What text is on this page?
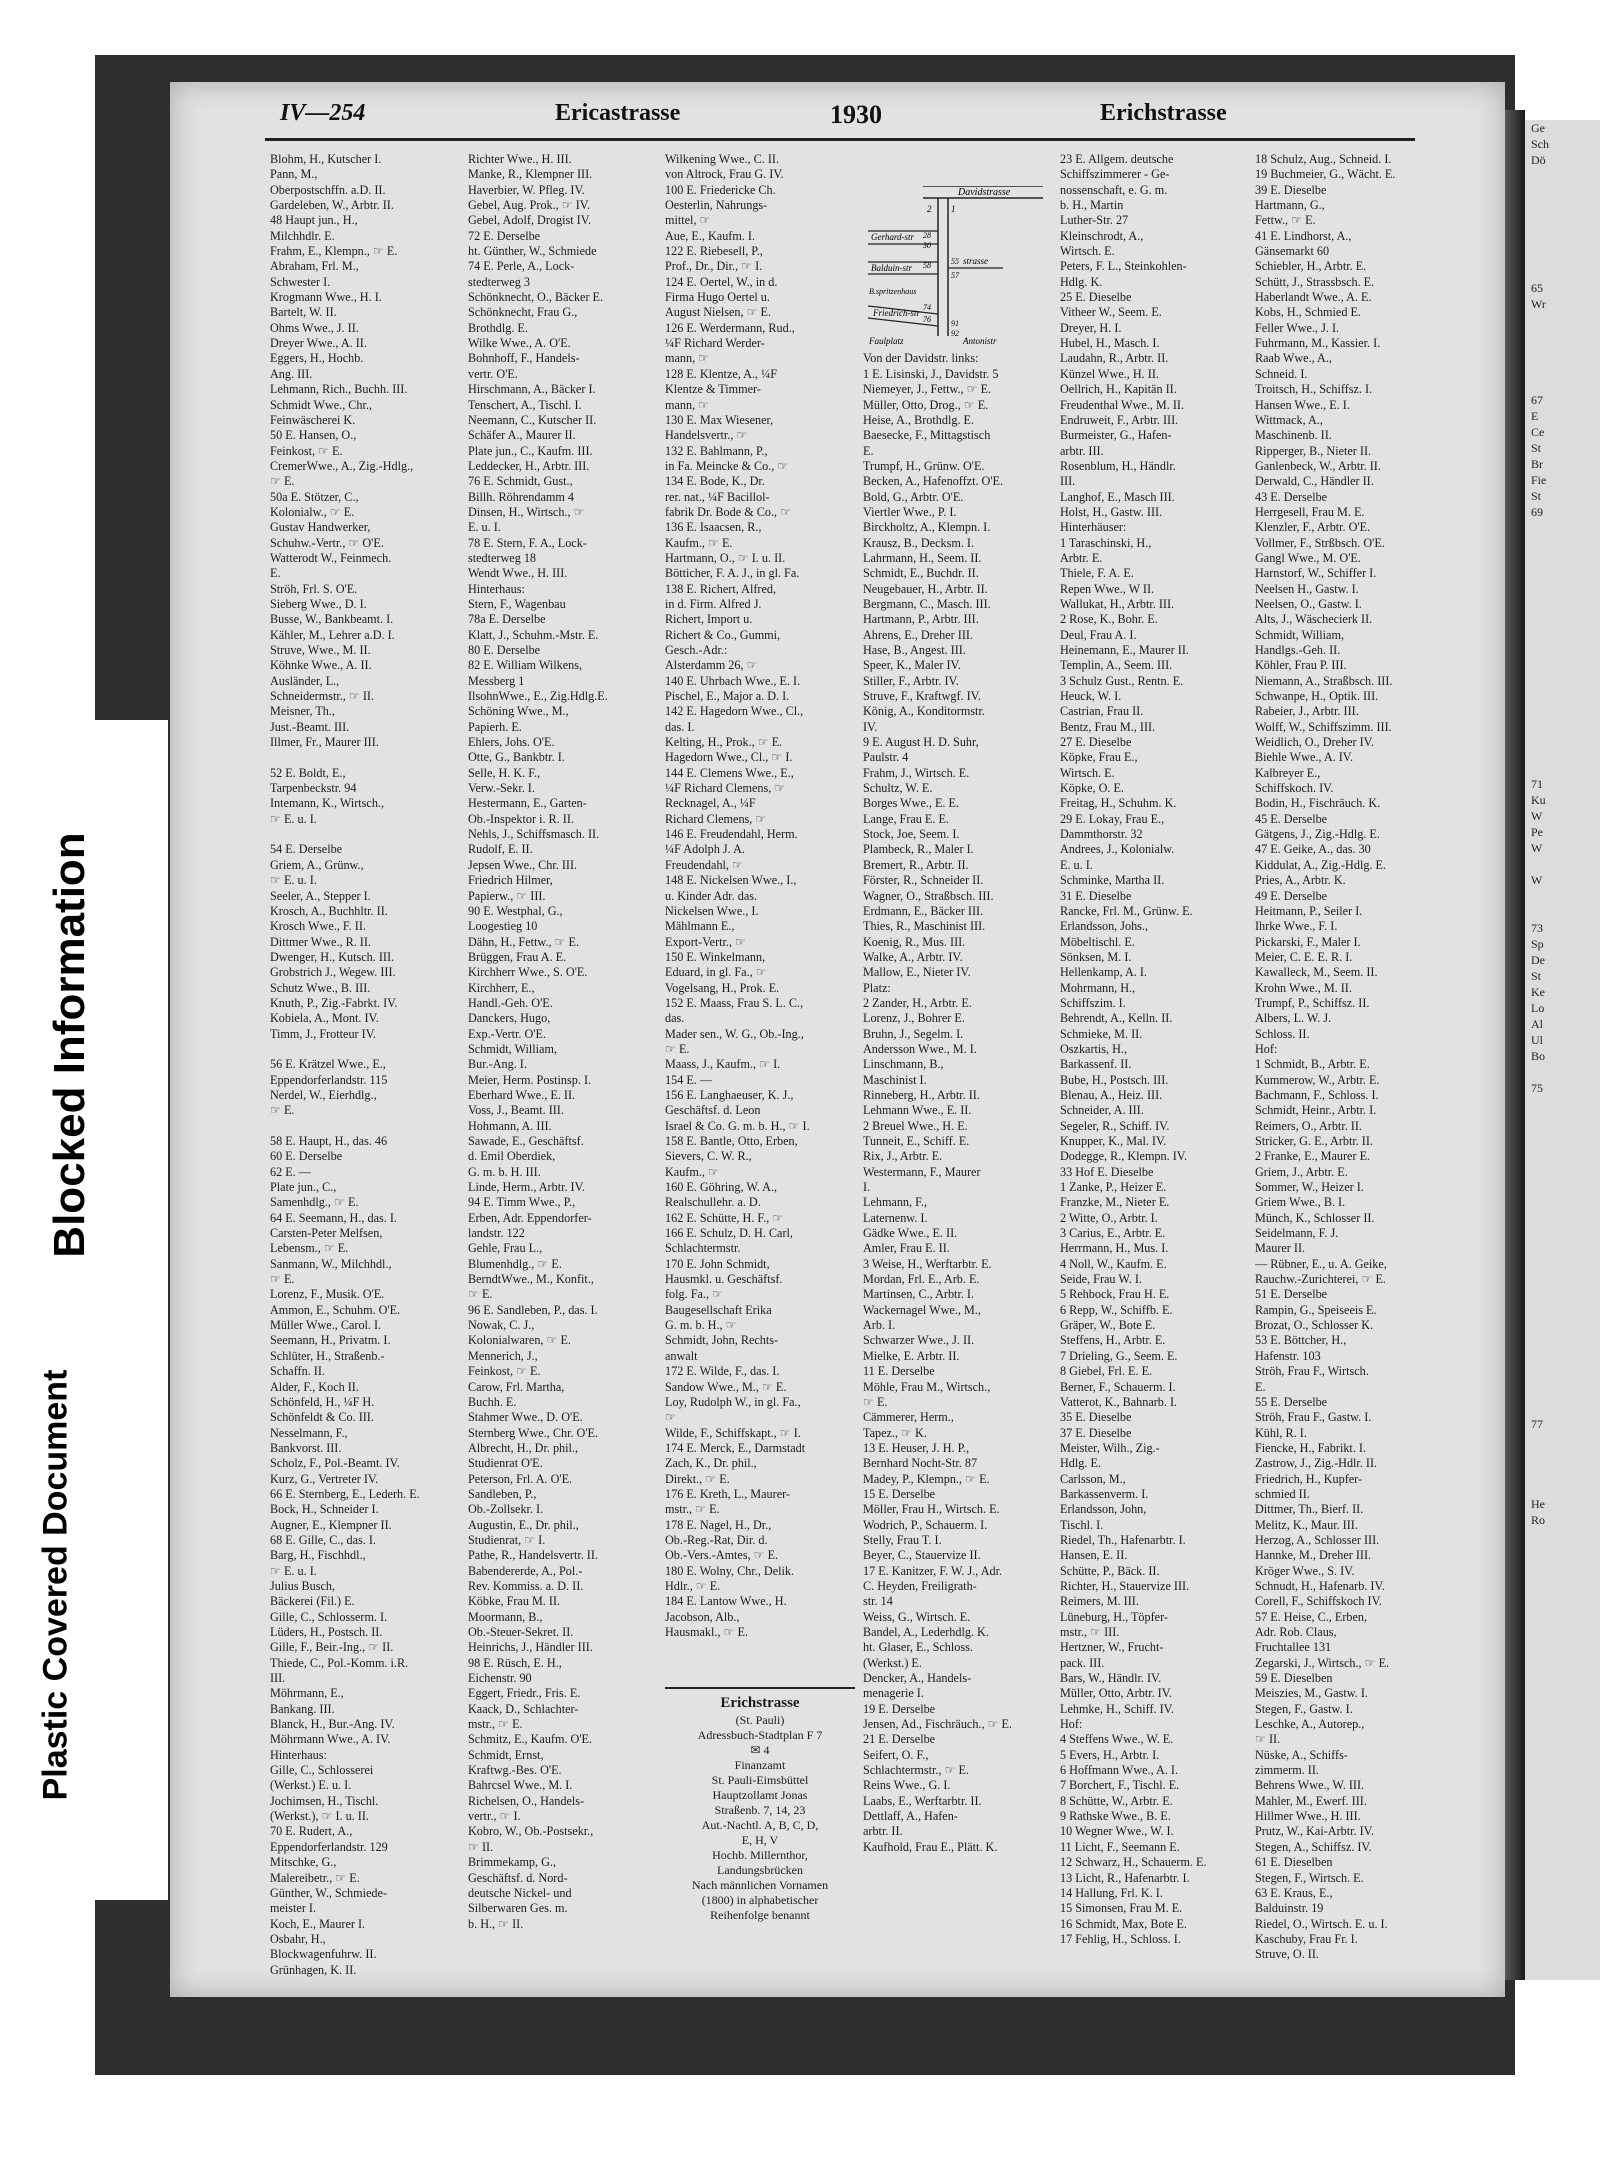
Ge
Sch
Dö

65
Wr

67
E
Ce
St
Br
Fie
St
69

71
Ku
W
Pe
W

W

73
Sp
De
St
Ke
Lo
Al
Ul
Bo

75

77

He
Ro
IV—254	Ericastrasse	1930	Erichstrasse
Blohm, H., Kutscher I.
Pann, M.,
Oberpostschffn. a.D. II.
Gardeleben, W., Arbtr. II.
48 Haupt jun., H.,
Milchhdlr. E.
Frahm, E., Klempn., ☞ E.
Abraham, Frl. M.,
Schwester I.
Krogmann Wwe., H. I.
Bartelt, W. II.
Ohms Wwe., J. II.
Dreyer Wwe., A. II.
Eggers, H., Hochb.
Ang. III.
Lehmann, Rich., Buchh. III.
Schmidt Wwe., Chr.,
Feinwäscherei K.
50 E. Hansen, O.,
Feinkost, ☞ E.
CremerWwe., A., Zig.-Hdlg.,
☞ E.
50a E. Stötzer, C.,
Kolonialw., ☞ E.
Gustav Handwerker,
Schuhw.-Vertr., ☞ O'E.
Watterodt W., Feinmech.
E.
Ströh, Frl. S. O'E.
Sieberg Wwe., D. I.
Busse, W., Bankbeamt. I.
Kähler, M., Lehrer a.D. I.
Struve, Wwe., M. II.
Köhnke Wwe., A. II.
Ausländer, L.,
Schneidermstr., ☞ II.
Meisner, Th.,
Just.-Beamt. III.
Illmer, Fr., Maurer III.

52 E. Boldt, E.,
Tarpenbeckstr. 94
Intemann, K., Wirtsch.,
☞ E. u. I.

54 E. Derselbe
Griem, A., Grünw.,
☞ E. u. I.
Seeler, A., Stepper I.
Krosch, A., Buchhltr. II.
Krosch Wwe., F. II.
Dittmer Wwe., R. II.
Dwenger, H., Kutsch. III.
Grobstrich J., Wegew. III.
Schutz Wwe., B. III.
Knuth, P., Zig.-Fabrkt. IV.
Kobiela, A., Mont. IV.
Timm, J., Frotteur IV.

56 E. Krätzel Wwe., E.,
Eppendorferlandstr. 115
Nerdel, W., Eierhdlg.,
☞ E.

58 E. Haupt, H., das. 46
60 E. Derselbe
62 E. —
Plate jun., C.,
Samenhdlg., ☞ E.
64 E. Seemann, H., das. I.
Carsten-Peter Melfsen,
Lebensm., ☞ E.
Sanmann, W., Milchhdl.,
☞ E.
Lorenz, F., Musik. O'E.
Ammon, E., Schuhm. O'E.
Müller Wwe., Carol. I.
Seemann, H., Privatm. I.
Schlüter, H., Straßenb.-
Schaffn. II.
Alder, F., Koch II.
Schönfeld, H., ¼F H.
Schönfeldt & Co. III.
Nesselmann, F.,
Bankvorst. III.
Scholz, F., Pol.-Beamt. IV.
Kurz, G., Vertreter IV.
66 E. Sternberg, E., Lederh. E.
Bock, H., Schneider I.
Augner, E., Klempner II.
68 E. Gille, C., das. I.
Barg, H., Fischhdl.,
☞ E. u. I.
Julius Busch,
Bäckerei (Fil.) E.
Gille, C., Schlosserm. I.
Lüders, H., Postsch. II.
Gille, F., Beir.-Ing., ☞ II.
Thiede, C., Pol.-Komm. i.R.
III.
Möhrmann, E.,
Bankang. III.
Blanck, H., Bur.-Ang. IV.
Möhrmann Wwe., A. IV.
Hinterhaus:
Gille, C., Schlosserei
(Werkst.) E. u. I.
Jochimsen, H., Tischl.
(Werkst.), ☞ I. u. II.
70 E. Rudert, A.,
Eppendorferlandstr. 129
Mitschke, G.,
Malereibetr., ☞ E.
Günther, W., Schmiede-
meister I.
Koch, E., Maurer I.
Osbahr, H.,
Blockwagenfuhrw. II.
Grünhagen, K. II.
Richter Wwe., H. III.
Manke, R., Klempner III.
Haverbier, W. Pfleg. IV.
Gebel, Aug. Prok., ☞ IV.
Gebel, Adolf, Drogist IV.
72 E. Derselbe
ht. Günther, W., Schmiede
74 E. Perle, A., Lock-
stedterweg 3
Schönknecht, O., Bäcker E.
Schönknecht, Frau G.,
Brothdlg. E.
Wilke Wwe., A. O'E.
Bohnhoff, F., Handels-
vertr. O'E.
Hirschmann, A., Bäcker I.
Tenschert, A., Tischl. I.
Neemann, C., Kutscher II.
Schäfer A., Maurer II.
Plate jun., C., Kaufm. III.
Leddecker, H., Arbtr. III.
76 E. Schmidt, Gust.,
Billh. Röhrendamm 4
Dinsen, H., Wirtsch., ☞
E. u. I.
78 E. Stern, F. A., Lock-
stedterweg 18
Wendt Wwe., H. III.
Hinterhaus:
Stern, F., Wagenbau
78a E. Derselbe
Klatt, J., Schuhm.-Mstr. E.
80 E. Derselbe
82 E. William Wilkens,
Messberg 1
IlsohnWwe., E., Zig.Hdlg.E.
Schöning Wwe., M.,
Papierh. E.
Ehlers, Johs. O'E.
Otte, G., Bankbtr. I.
Selle, H. K. F.,
Verw.-Sekr. I.
Hestermann, E., Garten-
Ob.-Inspektor i. R. II.
Nehls, J., Schiffsmasch. II.
Rudolf, E. II.
Jepsen Wwe., Chr. III.
Friedrich Hilmer,
Papierw., ☞ III.
90 E. Westphal, G.,
Loogestieg 10
Dähn, H., Fettw., ☞ E.
Brüggen, Frau A. E.
Kirchherr Wwe., S. O'E.
Kirchherr, E.,
Handl.-Geh. O'E.
Danckers, Hugo,
Exp.-Vertr. O'E.
Schmidt, William,
Bur.-Ang. I.
Meier, Herm. Postinsp. I.
Eberhard Wwe., E. II.
Voss, J., Beamt. III.
Hohmann, A. III.
Sawade, E., Geschäftsf.
d. Emil Oberdiek,
G. m. b. H. III.
Linde, Herm., Arbtr. IV.
94 E. Timm Wwe., P.,
Erben, Adr. Eppendorfer-
landstr. 122
Gehle, Frau L.,
Blumenhdlg., ☞ E.
BerndtWwe., M., Konfit.,
☞ E.
96 E. Sandleben, P., das. I.
Nowak, C. J.,
Kolonialwaren, ☞ E.
Mennerich, J.,
Feinkost, ☞ E.
Carow, Frl. Martha,
Buchh. E.
Stahmer Wwe., D. O'E.
Sternberg Wwe., Chr. O'E.
Albrecht, H., Dr. phil.,
Studienrat O'E.
Peterson, Frl. A. O'E.
Sandleben, P.,
Ob.-Zollsekr. I.
Augustin, E., Dr. phil.,
Studienrat, ☞ I.
Pathe, R., Handelsvertr. II.
Babendererde, A., Pol.-
Rev. Kommiss. a. D. II.
Köbke, Frau M. II.
Moormann, B.,
Ob.-Steuer-Sekret. II.
Heinrichs, J., Händler III.
98 E. Rüsch, E. H.,
Eichenstr. 90
Eggert, Friedr., Fris. E.
Kaack, D., Schlachter-
mstr., ☞ E.
Schmitz, E., Kaufm. O'E.
Schmidt, Ernst,
Kraftwg.-Bes. O'E.
Bahrcsel Wwe., M. I.
Richelsen, O., Handels-
vertr., ☞ I.
Kobro, W., Ob.-Postsekr.,
☞ II.
Brimmekamp, G.,
Geschäftsf. d. Nord-
deutsche Nickel- und
Silberwaren Ges. m.
b. H., ☞ II.
Wilkening Wwe., C. II.
von Altrock, Frau G. IV.
100 E. Friedericke Ch.
Oesterlin, Nahrungs-
mittel, ☞
Aue, E., Kaufm. I.
122 E. Riebesell, P.,
Prof., Dr., Dir., ☞ I.
124 E. Oertel, W., in d.
Firma Hugo Oertel u.
August Nielsen, ☞ E.
126 E. Werdermann, Rud.,
¼F Richard Werder-
mann, ☞
128 E. Klentze, A., ¼F
Klentze & Timmer-
mann, ☞
130 E. Max Wiesener,
Handelsvertr., ☞
132 E. Bahlmann, P.,
in Fa. Meincke & Co., ☞
134 E. Bode, K., Dr.
rer. nat., ¼F Bacillol-
fabrik Dr. Bode & Co., ☞
136 E. Isaacsen, R.,
Kaufm., ☞ E.
Hartmann, O., ☞ I. u. II.
Bötticher, F. A. J., in gl. Fa.
138 E. Richert, Alfred,
in d. Firm. Alfred J.
Richert, Import u.
Richert & Co., Gummi,
Gesch.-Adr.:
Alsterdamm 26, ☞
140 E. Uhrbach Wwe., E. I.
Pischel, E., Major a. D. I.
142 E. Hagedorn Wwe., Cl.,
das. I.
Kelting, H., Prok., ☞ E.
Hagedorn Wwe., Cl., ☞ I.
144 E. Clemens Wwe., E.,
¼F Richard Clemens, ☞
Recknagel, A., ¼F
Richard Clemens, ☞
146 E. Freudendahl, Herm.
¼F Adolph J. A.
Freudendahl, ☞
148 E. Nickelsen Wwe., I.,
u. Kinder Adr. das.
Nickelsen Wwe., I.
Mählmann E.,
Export-Vertr., ☞
150 E. Winkelmann,
Eduard, in gl. Fa., ☞
Vogelsang, H., Prok. E.
152 E. Maass, Frau S. L. C.,
das.
Mader sen., W. G., Ob.-Ing.,
☞ E.
Maass, J., Kaufm., ☞ I.
154 E. —
156 E. Langhaeuser, K. J.,
Geschäftsf. d. Leon
Israel & Co. G. m. b. H., ☞ I.
158 E. Bantle, Otto, Erben,
Sievers, C. W. R.,
Kaufm., ☞
160 E. Göhring, W. A.,
Realschullehr. a. D.
162 E. Schütte, H. F., ☞
166 E. Schulz, D. H. Carl,
Schlachtermstr.
170 E. John Schmidt,
Hausmkl. u. Geschäftsf.
folg. Fa., ☞
Baugesellschaft Erika
G. m. b. H., ☞
Schmidt, John, Rechts-
anwalt
172 E. Wilde, F., das. I.
Sandow Wwe., M., ☞ E.
Loy, Rudolph W., in gl. Fa.,
☞
Wilde, F., Schiffskapt., ☞ I.
174 E. Merck, E., Darmstadt
Zach, K., Dr. phil.,
Direkt., ☞ E.
176 E. Kreth, L., Maurer-
mstr., ☞ E.
178 E. Nagel, H., Dr.,
Ob.-Reg.-Rat, Dir. d.
Ob.-Vers.-Amtes, ☞ E.
180 E. Wolny, Chr., Delik.
Hdlr., ☞ E.
184 E. Lantow Wwe., H.
Jacobson, Alb.,
Hausmakl., ☞ E.

Von der Davidstr. links:
1 E. Lisinski, J., Davidstr. 5
Niemeyer, J., Fettw., ☞ E.
Müller, Otto, Drog., ☞ E.
Heise, A., Brothdlg. E.
Baesecke, F., Mittagstisch
E.
Trumpf, H., Grünw. O'E.
Becken, A., Hafenoffzt. O'E.
Bold, G., Arbtr. O'E.
Viertler Wwe., P. I.
Birckholtz, A., Klempn. I.
Krausz, B., Decksm. I.
Lahrmann, H., Seem. II.
Schmidt, E., Buchdr. II.
Neugebauer, H., Arbtr. II.
Bergmann, C., Masch. III.
Hartmann, P., Arbtr. III.
Ahrens, E., Dreher III.
Hase, B., Angest. III.
Speer, K., Maler IV.
Stiller, F., Arbtr. IV.
Struve, F., Kraftwgf. IV.
König, A., Konditormstr.
IV.
9 E. August H. D. Suhr,
Paulstr. 4
Frahm, J., Wirtsch. E.
Schultz, W. E.
Borges Wwe., E. E.
Lange, Frau E. E.
Stock, Joe, Seem. I.
Plambeck, R., Maler I.
Bremert, R., Arbtr. II.
Förster, R., Schneider II.
Wagner, O., Straßbsch. III.
Erdmann, E., Bäcker III.
Thies, R., Maschinist III.
Koenig, R., Mus. III.
Walke, A., Arbtr. IV.
Mallow, E., Nieter IV.
Platz:
2 Zander, H., Arbtr. E.
Lorenz, J., Bohrer E.
Bruhn, J., Segelm. I.
Andersson Wwe., M. I.
Linschmann, B.,
Maschinist I.
Rinneberg, H., Arbtr. II.
Lehmann Wwe., E. II.
2 Breuel Wwe., H. E.
Tunneit, E., Schiff. E.
Rix, J., Arbtr. E.
Westermann, F., Maurer
I.
Lehmann, F.,
Laternenw. I.
Gädke Wwe., E. II.
Amler, Frau E. II.
3 Weise, H., Werftarbtr. E.
Mordan, Frl. E., Arb. E.
Martinsen, C., Arbtr. I.
Wackernagel Wwe., M.,
Arb. I.
Schwarzer Wwe., J. II.
Mielke, E. Arbtr. II.
11 E. Derselbe
Möhle, Frau M., Wirtsch.,
☞ E.
Cämmerer, Herm.,
Tapez., ☞ K.
13 E. Heuser, J. H. P.,
Bernhard Nocht-Str. 87
Madey, P., Klempn., ☞ E.
15 E. Derselbe
Möller, Frau H., Wirtsch. E.
Wodrich, P., Schauerm. I.
Stelly, Frau T. I.
Beyer, C., Stauervize II.
17 E. Kanitzer, F. W. J., Adr.
C. Heyden, Freiligrath-
str. 14
Weiss, G., Wirtsch. E.
Bandel, A., Lederhdlg. K.
ht. Glaser, E., Schloss.
(Werkst.) E.
Dencker, A., Handels-
menagerie I.
19 E. Derselbe
Jensen, Ad., Fischräuch., ☞ E.
21 E. Derselbe
Seifert, O. F.,
Schlachtermstr., ☞ E.
Reins Wwe., G. I.
Laabs, E., Werftarbtr. II.
Dettlaff, A., Hafen-
arbtr. II.
Kaufhold, Frau E., Plätt. K.
23 E. Allgem. deutsche
Schiffszimmerer - Ge-
nossenschaft, e. G. m.
b. H., Martin
Luther-Str. 27
Kleinschrodt, A.,
Wirtsch. E.
Peters, F. L., Steinkohlen-
Hdlg. K.
25 E. Dieselbe
Vitheer W., Seem. E.
Dreyer, H. I.
Hubel, H., Masch. I.
Laudahn, R., Arbtr. II.
Künzel Wwe., H. II.
Oellrich, H., Kapitän II.
Freudenthal Wwe., M. II.
Endruweit, F., Arbtr. III.
Burmeister, G., Hafen-
arbtr. III.
Rosenblum, H., Händlr.
III.
Langhof, E., Masch III.
Holst, H., Gastw. III.
Hinterhäuser:
1 Taraschinski, H.,
Arbtr. E.
Thiele, F. A. E.
Repen Wwe., W II.
Wallukat, H., Arbtr. III.
2 Rose, K., Bohr. E.
Deul, Frau A. I.
Heinemann, E., Maurer II.
Templin, A., Seem. III.
3 Schulz Gust., Rentn. E.
Heuck, W. I.
Castrian, Frau II.
Bentz, Frau M., III.
27 E. Dieselbe
Köpke, Frau E.,
Wirtsch. E.
Köpke, O. E.
Freitag, H., Schuhm. K.
29 E. Lokay, Frau E.,
Dammthorstr. 32
Andrees, J., Kolonialw.
E. u. I.
Schminke, Martha II.
31 E. Dieselbe
Rancke, Frl. M., Grünw. E.
Erlandsson, Johs.,
Möbeltischl. E.
Sönksen, M. I.
Hellenkamp, A. I.
Mohrmann, H.,
Schiffszim. I.
Behrendt, A., Kelln. II.
Schmieke, M. II.
Oszkartis, H.,
Barkassenf. II.
Bube, H., Postsch. III.
Blenau, A., Heiz. III.
Schneider, A. III.
Segeler, R., Schiff. IV.
Knupper, K., Mal. IV.
Dodegge, R., Klempn. IV.
33 Hof E. Dieselbe
1 Zanke, P., Heizer E.
Franzke, M., Nieter E.
2 Witte, O., Arbtr. I.
3 Carius, E., Arbtr. E.
Herrmann, H., Mus. I.
4 Noll, W., Kaufm. E.
Seide, Frau W. I.
5 Rehbock, Frau H. E.
6 Repp, W., Schiffb. E.
Gräper, W., Bote E.
Steffens, H., Arbtr. E.
7 Drieling, G., Seem. E.
8 Giebel, Frl. E. E.
Berner, F., Schauerm. I.
Vatterot, K., Bahnarb. I.
35 E. Dieselbe
37 E. Dieselbe
Meister, Wilh., Zig.-
Hdlg. E.
Carlsson, M.,
Barkassenverm. I.
Erlandsson, John,
Tischl. I.
Riedel, Th., Hafenarbtr. I.
Hansen, E. II.
Schütte, P., Bäck. II.
Richter, H., Stauervize III.
Reimers, M. III.
Lüneburg, H., Töpfer-
mstr., ☞ III.
Hertzner, W., Frucht-
pack. III.
Bars, W., Händlr. IV.
Müller, Otto, Arbtr. IV.
Lehmke, H., Schiff. IV.
Hof:
4 Steffens Wwe., W. E.
5 Evers, H., Arbtr. I.
6 Hoffmann Wwe., A. I.
7 Borchert, F., Tischl. E.
8 Schütte, W., Arbtr. E.
9 Rathske Wwe., B. E.
10 Wegner Wwe., W. I.
11 Licht, F., Seemann E.
12 Schwarz, H., Schauerm. E.
13 Licht, R., Hafenarbtr. I.
14 Hallung, Frl. K. I.
15 Simonsen, Frau M. E.
16 Schmidt, Max, Bote E.
17 Fehlig, H., Schloss. I.
18 Schulz, Aug., Schneid. I.
19 Buchmeier, G., Wächt. E.
39 E. Dieselbe
Hartmann, G.,
Fettw., ☞ E.
41 E. Lindhorst, A.,
Gänsemarkt 60
Schiebler, H., Arbtr. E.
Schütt, J., Strassbsch. E.
Haberlandt Wwe., A. E.
Kobs, H., Schmied E.
Feller Wwe., J. I.
Fuhrmann, M., Kassier. I.
Raab Wwe., A.,
Schneid. I.
Troitsch, H., Schiffsz. I.
Hansen Wwe., E. I.
Wittmack, A.,
Maschinenb. II.
Ripperger, B., Nieter II.
Ganlenbeck, W., Arbtr. II.
Derwald, C., Händler II.
43 E. Derselbe
Herrgesell, Frau M. E.
Klenzler, F., Arbtr. O'E.
Vollmer, F., Strßbsch. O'E.
Gangl Wwe., M. O'E.
Harnstorf, W., Schiffer I.
Neelsen H., Gastw. I.
Neelsen, O., Gastw. I.
Alts, J., Wäschecierk II.
Schmidt, William,
Handlgs.-Geh. II.
Köhler, Frau P. III.
Niemann, A., Straßbsch. III.
Schwanpe, H., Optik. III.
Rabeier, J., Arbtr. III.
Wolff, W., Schiffszimm. III.
Weidlich, O., Dreher IV.
Biehle Wwe., A. IV.
Kalbreyer E.,
Schiffskoch. IV.
Bodin, H., Fischräuch. K.
45 E. Derselbe
Gätgens, J., Zig.-Hdlg. E.
47 E. Geike, A., das. 30
Kiddulat, A., Zig.-Hdlg. E.
Pries, A., Arbtr. K.
49 E. Derselbe
Heitmann, P., Seiler I.
Ihrke Wwe., F. I.
Pickarski, F., Maler I.
Meier, C. E. E. R. I.
Kawalleck, M., Seem. II.
Krohn Wwe., M. II.
Trumpf, P., Schiffsz. II.
Albers, L. W. J.
Schloss. II.
Hof:
1 Schmidt, B., Arbtr. E.
Kummerow, W., Arbtr. E.
Bachmann, F., Schloss. I.
Schmidt, Heinr., Arbtr. I.
Reimers, O., Arbtr. II.
Stricker, G. E., Arbtr. II.
2 Franke, E., Maurer E.
Griem, J., Arbtr. E.
Sommer, W., Heizer I.
Griem Wwe., B. I.
Münch, K., Schlosser II.
Seidelmann, F. J.
Maurer II.
— Rübner, E., u. A. Geike,
Rauchw.-Zurichterei, ☞ E.
51 E. Derselbe
Rampin, G., Speiseeis E.
Brozat, O., Schlosser K.
53 E. Böttcher, H.,
Hafenstr. 103
Ströh, Frau F., Wirtsch.
E.
55 E. Derselbe
Ströh, Frau F., Gastw. I.
Kühl, R. I.
Fiencke, H., Fabrikt. I.
Zastrow, J., Zig.-Hdlr. II.
Friedrich, H., Kupfer-
schmied II.
Dittmer, Th., Bierf. II.
Melitz, K., Maur. III.
Herzog, A., Schlosser III.
Hannke, M., Dreher III.
Kröger Wwe., S. IV.
Schnudt, H., Hafenarb. IV.
Corell, F., Schiffskoch IV.
57 E. Heise, C., Erben,
Adr. Rob. Claus,
Fruchtallee 131
Zegarski, J., Wirtsch., ☞ E.
59 E. Dieselben
Meiszies, M., Gastw. I.
Stegen, F., Gastw. I.
Leschke, A., Autorep.,
☞ II.
Nüske, A., Schiffs-
zimmerm. II.
Behrens Wwe., W. III.
Mahler, M., Ewerf. III.
Hillmer Wwe., H. III.
Prutz, W., Kai-Arbtr. IV.
Stegen, A., Schiffsz. IV.
61 E. Dieselben
Stegen, F., Wirtsch. E.
63 E. Kraus, E.,
Balduinstr. 19
Riedel, O., Wirtsch. E. u. I.
Kaschuby, Frau Fr. I.
Struve, O. II.
Davidstrasse
Gerhard-str
Balduin-str
strasse
B.spritzenhaus
Friedrich-str
Faulplatz	Antonistr
2 1
28
30
58	55
57
74
76	91
92
Erichstrasse
(St. Pauli)
Adressbuch-Stadtplan F 7
✉ 4
Finanzamt
St. Pauli-Eimsbüttel
Hauptzollamt Jonas
Straßenb. 7, 14, 23
Aut.-Nachtl. A, B, C, D,
E, H, V
Hochb. Millernthor,
Landungsbrücken
Nach männlichen Vornamen
(1800) in alphabetischer
Reihenfolge benannt
Blocked Information
Plastic Covered Document
